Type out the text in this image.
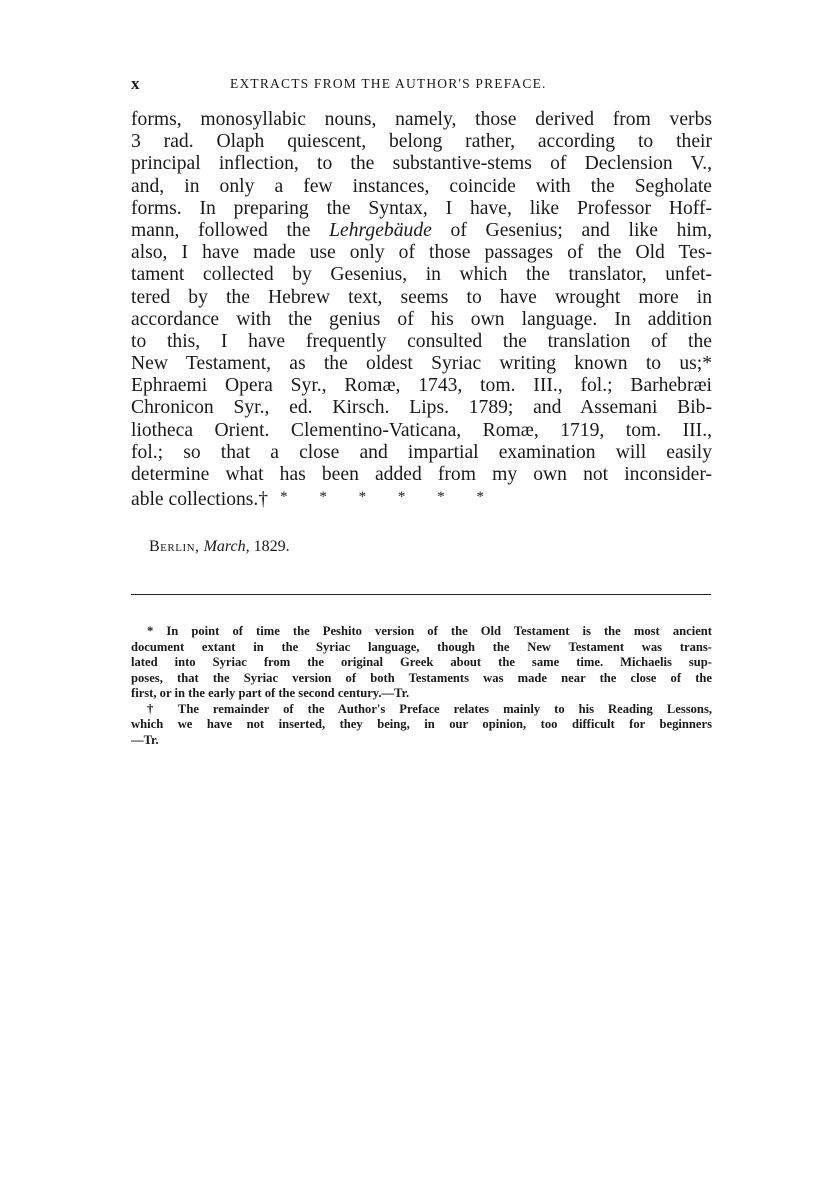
x	EXTRACTS FROM THE AUTHOR'S PREFACE.
forms, monosyllabic nouns, namely, those derived from verbs
3 rad. Olaph quiescent, belong rather, according to their
principal inflection, to the substantive-stems of Declension V.,
and, in only a few instances, coincide with the Segholate
forms. In preparing the Syntax, I have, like Professor Hoff-
mann, followed the Lehrgebäude of Gesenius; and like him,
also, I have made use only of those passages of the Old Tes-
tament collected by Gesenius, in which the translator, unfet-
tered by the Hebrew text, seems to have wrought more in
accordance with the genius of his own language. In addition
to this, I have frequently consulted the translation of the
New Testament, as the oldest Syriac writing known to us;*
Ephraemi Opera Syr., Romæ, 1743, tom. III., fol.; Barhebræi
Chronicon Syr., ed. Kirsch. Lips. 1789; and Assemani Bib-
liotheca Orient. Clementino-Vaticana, Romæ, 1719, tom. III.,
fol.; so that a close and impartial examination will easily
determine what has been added from my own not inconsider-
able collections.† * * * * * *
Berlin, March, 1829.
* In point of time the Peshito version of the Old Testament is the most ancient
document extant in the Syriac language, though the New Testament was trans-
lated into Syriac from the original Greek about the same time. Michaelis sup-
poses, that the Syriac version of both Testaments was made near the close of the
first, or in the early part of the second century.—Tr.
† The remainder of the Author's Preface relates mainly to his Reading Lessons,
which we have not inserted, they being, in our opinion, too difficult for beginners
—Tr.
